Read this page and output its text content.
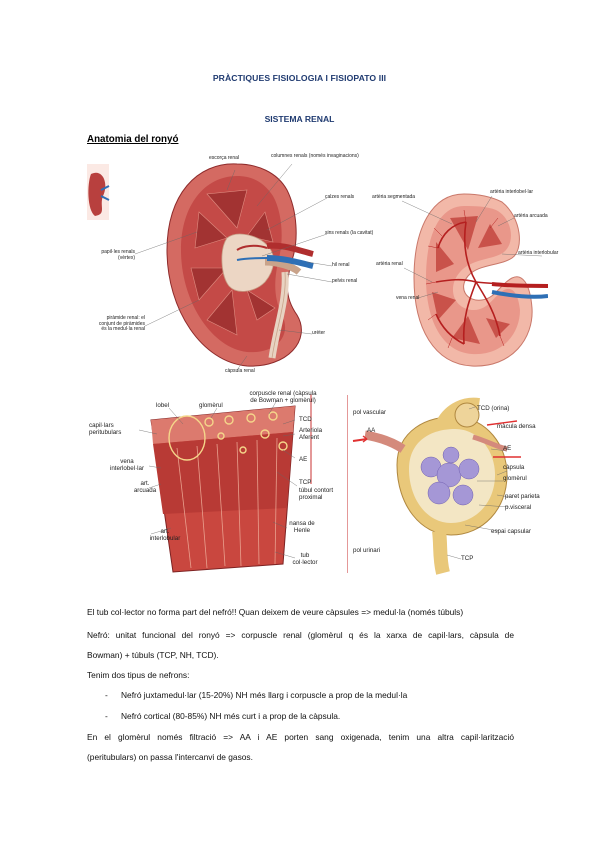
PRÀCTIQUES FISIOLOGIA I FISIOPATO III
SISTEMA RENAL
Anatomia del ronyó
escorça renal	columnes renals (només invaginacions)
calzes renals
sins renals (la cavitat)
hil renal
pelvis renal
urèter
càpsula renal
papil·les renals
(vèrtex)
piràmide renal: el
conjunt de piràmides
és la medul·la renal
artèria segmentada
artèria interlobel·lar
artèria arcuada
artèria interlobular
artèria renal
vena renal
lobel	glomèrul
corpuscle renal (càpsula
de Bowman + glomèrul)
TCD
Arteriola
Aferent
AE
TCP
túbul contort
proximal
nansa de
Henle
tub
col·lector
capil·lars
peritubulars
vena
interlobel·lar
art.
arcuada
art.
interlobular
pol vascular
AA
TCD (orina)
màcula densa
AE
càpsula
glomèrul
paret parieta
p.visceral
espai capsular
TCP
pol urinari
El tub col·lector no forma part del nefró!! Quan deixem de veure càpsules => medul·la (només túbuls)
Nefró: unitat funcional del ronyó => corpuscle renal (glomèrul q és la xarxa de capil·lars, càpsula de
Bowman) + túbuls (TCP, NH, TCD).
Tenim dos tipus de nefrons:
- Nefró juxtamedul·lar (15-20%) NH més llarg i corpuscle a prop de la medul·la
- Nefró cortical (80-85%) NH més curt i a prop de la càpsula.
En el glomèrul només filtració => AA i AE porten sang oxigenada, tenim una altra capil·larització
(peritubulars) on passa l'intercanvi de gasos.
